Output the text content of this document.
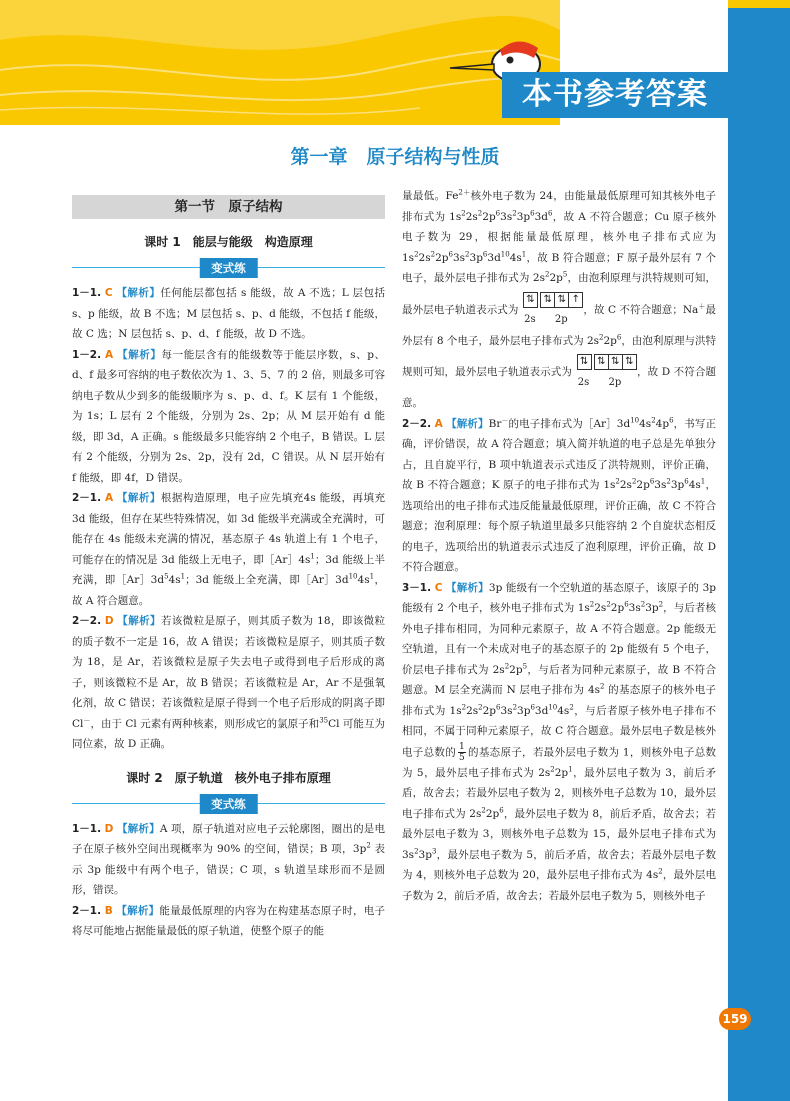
本书参考答案
第一章　原子结构与性质
第一节　原子结构
课时 1　能层与能级　构造原理
变式练

1－1. C 【解析】任何能层都包括 s 能级，故 A 不选；L 层包括 s、p 能级，故 B 不选；M 层包括 s、p、d 能级，不包括 f 能级，故 C 选；N 层包括 s、p、d、f 能级，故 D 不选。

1－2. A 【解析】每一能层含有的能级数等于能层序数，s、p、d、f 最多可容纳的电子数依次为 1、3、5、7 的 2 倍，则最多可容纳电子数从少到多的能级顺序为 s、p、d、f。K 层有 1 个能级，为 1s；L 层有 2 个能级，分别为 2s、2p；从 M 层开始有 d 能级，即 3d，A 正确。s 能级最多只能容纳 2 个电子，B 错误。L 层有 2 个能级，分别为 2s、2p，没有 2d，C 错误。从 N 层开始有 f 能级，即 4f，D 错误。

2－1. A 【解析】根据构造原理，电子应先填充4s 能级，再填充 3d 能级，但存在某些特殊情况，如 3d 能级半充满或全充满时，可能存在 4s 能级未充满的情况，基态原子 4s 轨道上有 1 个电子，可能存在的情况是 3d 能级上无电子，即$[Ar]4s^1$；3d 能级上半充满，即$[Ar]3d^54s^1$；3d 能级上全充满，即$[Ar]3d^{10}4s^1$，故 A 符合题意。

2－2. D 【解析】若该微粒是原子，则其质子数为 18，即该微粒的质子数不一定是 16，故 A 错误；若该微粒是原子，则其质子数为 18，是 Ar，若该微粒是原子失去电子或得到电子后形成的离子，则该微粒不是 Ar，故 B 错误；若该微粒是 Ar，Ar 不是强氧化剂，故 C 错误；若该微粒是原子得到一个电子后形成的阴离子即 Cl－，由于 Cl 元素有两种核素，则形成它的氯原子和$^{35}$Cl 可能互为同位素，故 D 正确。

课时 2　原子轨道　核外电子排布原理
变式练

1－1. D 【解析】A 项，原子轨道对应电子云轮廓图，圈出的是电子在原子核外空间出现概率为 90% 的空间，错误；B 项，$3p^2$ 表示 3p 能级中有两个电子，错误；C 项，s 轨道呈球形而不是圆形，错误。

2－1. B 【解析】能量最低原理的内容为在构建基态原子时，电子将尽可能地占据能量最低的原子轨道，使整个原子的能

量最低。$Fe^{2+}$核外电子数为 24，由能量最低原理可知其核外电子排布式为 $1s^22s^22p^63s^23p^63d^6$，故 A 不符合题意；Cu 原子核外电子数为 29，根据能量最低原理，核外电子排布式应为 $1s^22s^22p^63s^23p^63d^{10}4s^1$，故 B 符合题意；F 原子最外层有 7 个电子，最外层电子排布式为 $2s^22p^5$，由泡利原理与洪特规则可知，最外层电子轨道表示式为 ⇅
2s ⇅ ⇅ ↑
2p，故 C 不符合题意；Na＋最外层有 8 个电子，最外层电子排布式为 $2s^22p^6$，由泡利原理与洪特规则可知，最外层电子轨道表示式为 ⇅
2s ⇅ ⇅ ⇅
2p，故 D 不符合题意。

2－2. A 【解析】Br－的电子排布式为$[Ar]3d^{10}4s^24p^6$，书写正确，评价错误，故 A 符合题意；填入简并轨道的电子总是先单独分占，且自旋平行，B 项中轨道表示式违反了洪特规则，评价正确，故 B 不符合题意；K 原子的电子排布式为 $1s^22s^22p^63s^23p^64s^1$，选项给出的电子排布式违反能量最低原理，评价正确，故 C 不符合题意；泡利原理：每个原子轨道里最多只能容纳 2 个自旋状态相反的电子，选项给出的轨道表示式违反了泡利原理，评价正确，故 D 不符合题意。

3－1. C 【解析】3p 能级有一个空轨道的基态原子，该原子的 3p 能级有 2 个电子，核外电子排布式为 $1s^22s^22p^63s^23p^2$，与后者核外电子排布相同，为同种元素原子，故 A 不符合题意。2p 能级无空轨道，且有一个未成对电子的基态原子的 2p 能级有 5 个电子，价层电子排布式为 $2s^22p^5$，与后者为同种元素原子，故 B 不符合题意。M 层全充满而 N 层电子排布为 $4s^2$ 的基态原子的核外电子排布式为 $1s^22s^22p^63s^23p^63d^{10}4s^2$，与后者原子核外电子排布不相同，不属于同种元素原子，故 C 符合题意。最外层电子数是核外电子总数的 $\frac{1}{5}$ 的基态原子，若最外层电子数为 1，则核外电子总数为 5，最外层电子排布式为 $2s^22p^1$，最外层电子数为 3，前后矛盾，故舍去；若最外层电子数为 2，则核外电子总数为 10，最外层电子排布式为 $2s^22p^6$，最外层电子数为 8，前后矛盾，故舍去；若最外层电子数为 3，则核外电子总数为 15，最外层电子排布式为 $3s^23p^3$，最外层电子数为 5，前后矛盾，故舍去；若最外层电子数为 4，则核外电子总数为 20，最外层电子排布式为 $4s^2$，最外层电子数为 2，前后矛盾，故舍去；若最外层电子数为 5，则核外电子

159
